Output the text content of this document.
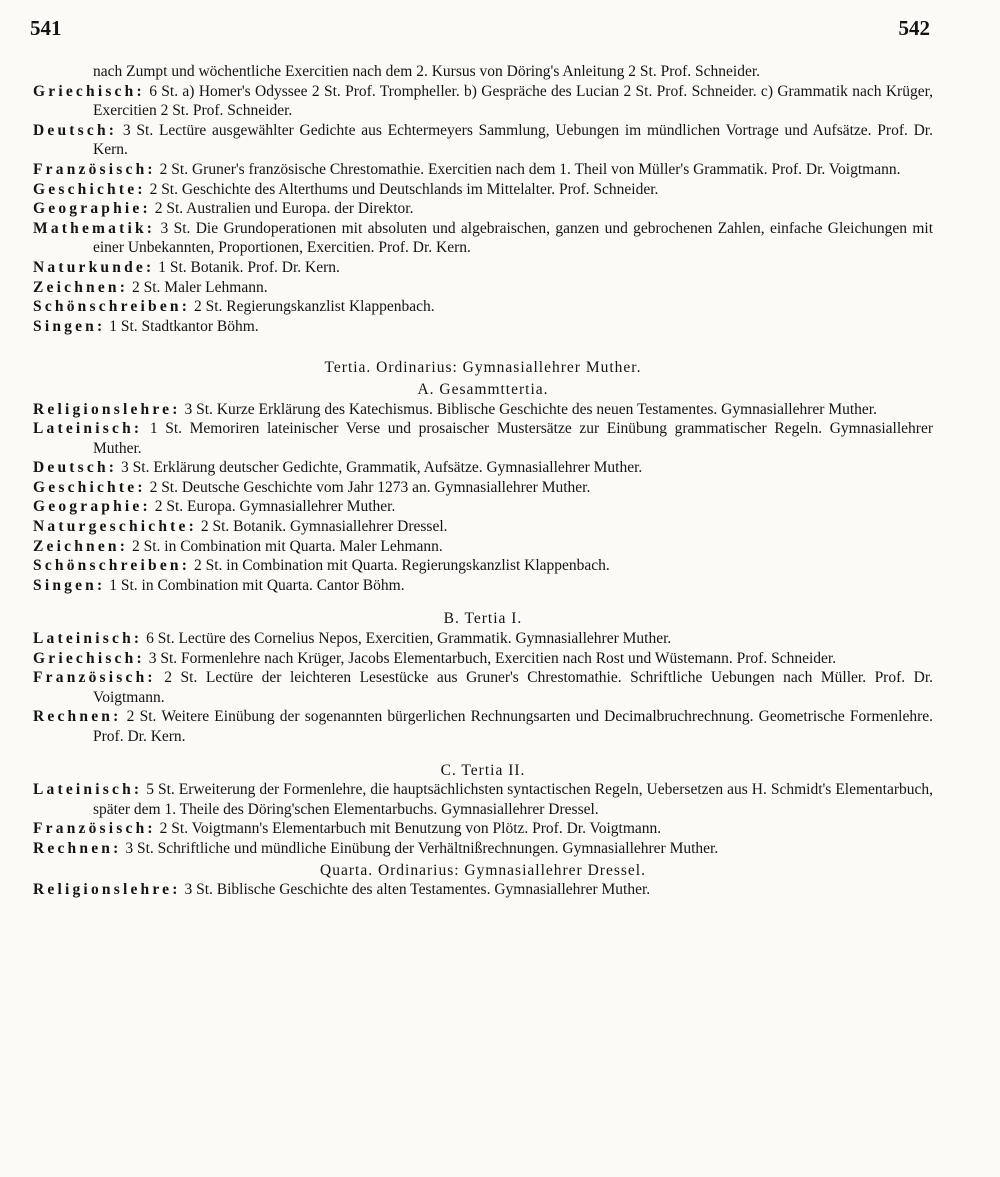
541	542

nach Zumpt und wöchentliche Exercitien nach dem 2. Kursus von Döring's Anleitung 2 St. Prof. Schneider.

Griechisch: 6 St. a) Homer's Odyssee 2 St. Prof. Trompheller. b) Gespräche des Lucian 2 St. Prof. Schneider. c) Grammatik nach Krüger, Exercitien 2 St. Prof. Schneider.

Deutsch: 3 St. Lectüre ausgewählter Gedichte aus Echtermeyers Sammlung, Uebungen im mündlichen Vortrage und Aufsätze. Prof. Dr. Kern.

Französisch: 2 St. Gruner's französische Chrestomathie. Exercitien nach dem 1. Theil von Müller's Grammatik. Prof. Dr. Voigtmann.

Geschichte: 2 St. Geschichte des Alterthums und Deutschlands im Mittelalter. Prof. Schneider.

Geographie: 2 St. Australien und Europa. der Direktor.

Mathematik: 3 St. Die Grundoperationen mit absoluten und algebraischen, ganzen und gebrochenen Zahlen, einfache Gleichungen mit einer Unbekannten, Proportionen, Exercitien. Prof. Dr. Kern.

Naturkunde: 1 St. Botanik. Prof. Dr. Kern.

Zeichnen: 2 St. Maler Lehmann.

Schönschreiben: 2 St. Regierungskanzlist Klappenbach.

Singen: 1 St. Stadtkantor Böhm.

Tertia. Ordinarius: Gymnasiallehrer Muther.

A. Gesammttertia.

Religionslehre: 3 St. Kurze Erklärung des Katechismus. Biblische Geschichte des neuen Testamentes. Gymnasiallehrer Muther.

Lateinisch: 1 St. Memoriren lateinischer Verse und prosaischer Mustersätze zur Einübung grammatischer Regeln. Gymnasiallehrer Muther.

Deutsch: 3 St. Erklärung deutscher Gedichte, Grammatik, Aufsätze. Gymnasiallehrer Muther.

Geschichte: 2 St. Deutsche Geschichte vom Jahr 1273 an. Gymnasiallehrer Muther.

Geographie: 2 St. Europa. Gymnasiallehrer Muther.

Naturgeschichte: 2 St. Botanik. Gymnasiallehrer Dressel.

Zeichnen: 2 St. in Combination mit Quarta. Maler Lehmann.

Schönschreiben: 2 St. in Combination mit Quarta. Regierungskanzlist Klappenbach.

Singen: 1 St. in Combination mit Quarta. Cantor Böhm.

B. Tertia I.

Lateinisch: 6 St. Lectüre des Cornelius Nepos, Exercitien, Grammatik. Gymnasiallehrer Muther.

Griechisch: 3 St. Formenlehre nach Krüger, Jacobs Elementarbuch, Exercitien nach Rost und Wüstemann. Prof. Schneider.

Französisch: 2 St. Lectüre der leichteren Lesestücke aus Gruner's Chrestomathie. Schriftliche Uebungen nach Müller. Prof. Dr. Voigtmann.

Rechnen: 2 St. Weitere Einübung der sogenannten bürgerlichen Rechnungsarten und Decimalbruchrechnung. Geometrische Formenlehre. Prof. Dr. Kern.

C. Tertia II.

Lateinisch: 5 St. Erweiterung der Formenlehre, die hauptsächlichsten syntactischen Regeln, Uebersetzen aus H. Schmidt's Elementarbuch, später dem 1. Theile des Döring'schen Elementarbuchs. Gymnasiallehrer Dressel.

Französisch: 2 St. Voigtmann's Elementarbuch mit Benutzung von Plötz. Prof. Dr. Voigtmann.

Rechnen: 3 St. Schriftliche und mündliche Einübung der Verhältnißrechnungen. Gymnasiallehrer Muther.

Quarta. Ordinarius: Gymnasiallehrer Dressel.

Religionslehre: 3 St. Biblische Geschichte des alten Testamentes. Gymnasiallehrer Muther.
